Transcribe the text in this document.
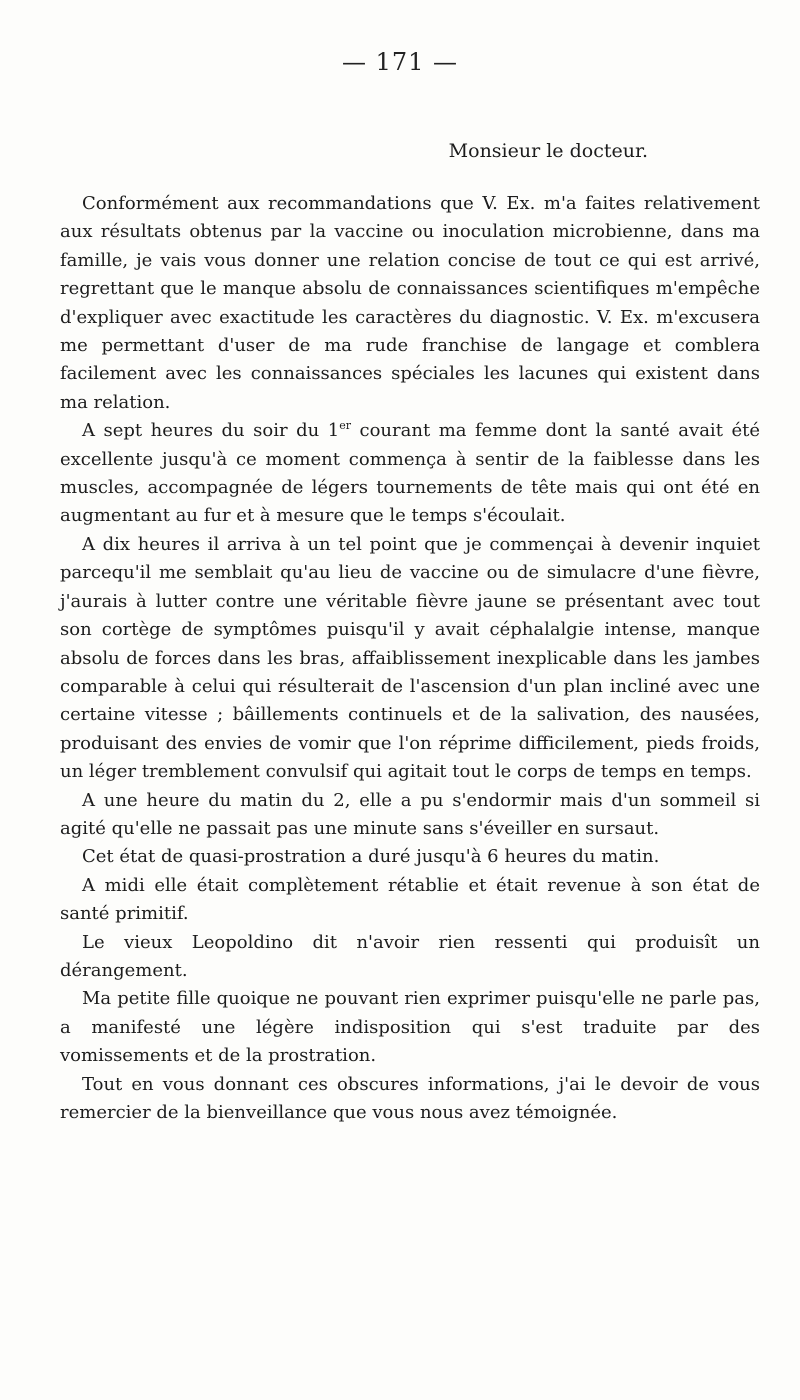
— 171 —
Monsieur le docteur.

Conformément aux recommandations que V. Ex. m'a faites relativement aux résultats obtenus par la vaccine ou inoculation microbienne, dans ma famille, je vais vous donner une relation concise de tout ce qui est arrivé, regrettant que le manque absolu de connaissances scientifiques m'empêche d'expliquer avec exactitude les caractères du diagnostic. V. Ex. m'excusera me permettant d'user de ma rude franchise de langage et comblera facilement avec les connaissances spéciales les lacunes qui existent dans ma relation.

A sept heures du soir du 1er courant ma femme dont la santé avait été excellente jusqu'à ce moment commença à sentir de la faiblesse dans les muscles, accompagnée de légers tournements de tête mais qui ont été en augmentant au fur et à mesure que le temps s'écoulait.

A dix heures il arriva à un tel point que je commençai à devenir inquiet parcequ'il me semblait qu'au lieu de vaccine ou de simulacre d'une fièvre, j'aurais à lutter contre une véritable fièvre jaune se présentant avec tout son cortège de symptômes puisqu'il y avait céphalalgie intense, manque absolu de forces dans les bras, affaiblissement inexplicable dans les jambes comparable à celui qui résulterait de l'ascension d'un plan incliné avec une certaine vitesse ; bâillements continuels et de la salivation, des nausées, produisant des envies de vomir que l'on réprime difficilement, pieds froids, un léger tremblement convulsif qui agitait tout le corps de temps en temps.

A une heure du matin du 2, elle a pu s'endormir mais d'un sommeil si agité qu'elle ne passait pas une minute sans s'éveiller en sursaut.

Cet état de quasi-prostration a duré jusqu'à 6 heures du matin.

A midi elle était complètement rétablie et était revenue à son état de santé primitif.

Le vieux Leopoldino dit n'avoir rien ressenti qui produisît un dérangement.

Ma petite fille quoique ne pouvant rien exprimer puisqu'elle ne parle pas, a manifesté une légère indisposition qui s'est traduite par des vomissements et de la prostration.

Tout en vous donnant ces obscures informations, j'ai le devoir de vous remercier de la bienveillance que vous nous avez témoignée.
